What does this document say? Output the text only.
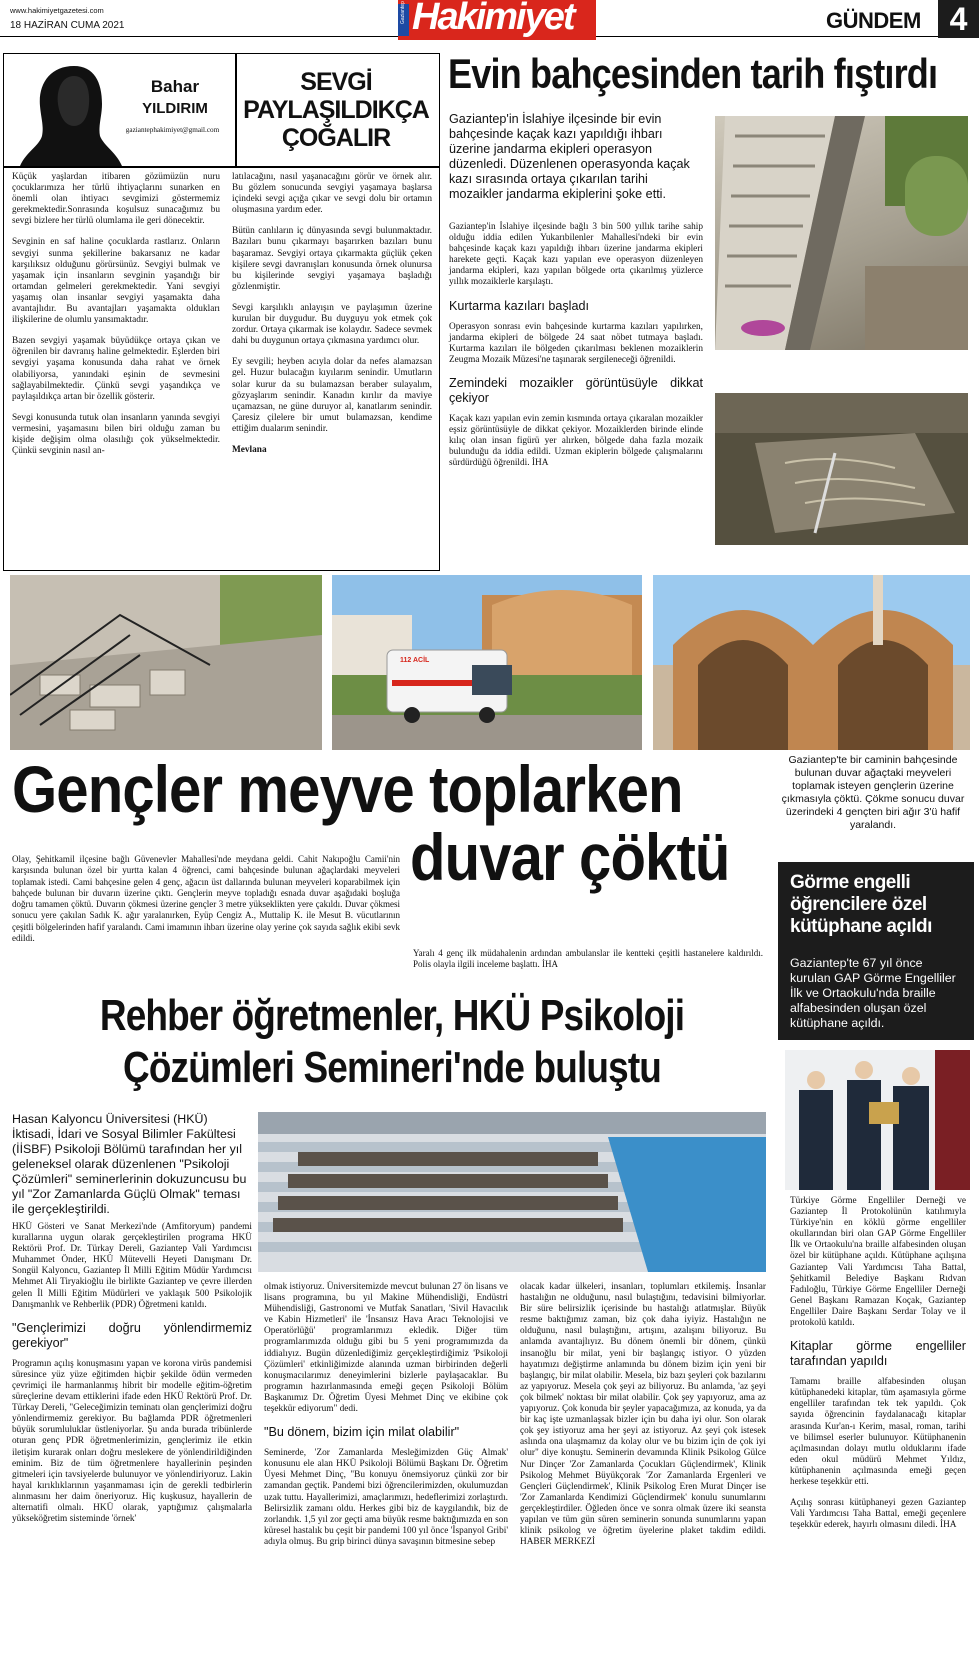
www.hakimiyetgazetesi.com
18 HAZİRAN CUMA 2021
Gaziantep Hakimiyet	GÜNDEM 4
Bahar
YILDIRIM
gaziantephakimiyet@gmail.com
SEVGİ
PAYLAŞILDIKÇA
ÇOĞALIR

Küçük yaşlardan itibaren gözümüzün nuru çocuklarımıza her türlü ihtiyaçlarını sunarken en önemli olan ihtiyacı sevgimizi göstermemiz gerekmektedir.Sonrasında koşulsuz sunacağımız bu sevgi bizlere her türlü olumlama ile geri dönecektir.

Sevginin en saf haline çocuklarda rastlarız. Onların sevgiyi sunma şekillerine bakarsanız ne kadar karşılıksız olduğunu görürsünüz. Sevgiyi bulmak ve yaşamak için insanların sevginin yaşandığı bir ortamdan gelmeleri gerekmektedir. Yani sevgiyi yaşamış olan insanlar sevgiyi yaşamakta daha avantajlıdır. Bu avantajları yaşamakta oldukları ilişkilerine de olumlu yansımaktadır.

Bazen sevgiyi yaşamak büyüdükçe ortaya çıkan ve öğrenilen bir davranış haline gelmektedir. Eşlerden biri sevgiyi yaşama konusunda daha rahat ve örnek olabiliyorsa, yanındaki eşinin de sevmesini sağlayabilmektedir. Çünkü sevgi yaşandıkça ve paylaşıldıkça artan bir özellik gösterir.

Sevgi konusunda tutuk olan insanların yanında sevgiyi vermesini, yaşamasını bilen biri olduğu zaman bu kişide değişim olma olasılığı çok yükselmektedir. Çünkü sevginin nasıl an-

latılacağını, nasıl yaşanacağını görür ve örnek alır. Bu gözlem sonucunda sevgiyi yaşamaya başlarsa içindeki sevgi açığa çıkar ve sevgi dolu bir ortamın oluşmasına yardım eder.

Bütün canlıların iç dünyasında sevgi bulunmaktadır. Bazıları bunu çıkarmayı başarırken bazıları bunu başaramaz. Sevgiyi ortaya çıkarmakta güçlük çeken kişilere sevgi davranışları konusunda örnek olunursa bu kişilerinde sevgiyi yaşamaya başladığı gözlenmiştir.

Sevgi karşılıklı anlayışın ve paylaşımın üzerine kurulan bir duygudur. Bu duyguyu yok etmek çok zordur. Ortaya çıkarmak ise kolaydır. Sadece sevmek dahi bu duygunun ortaya çıkmasına yardımcı olur.

Ey sevgili; heyben acıyla dolar da nefes alamazsan gel. Huzur bulacağın kıyılarım senindir. Umutların solar kurur da su bulamazsan beraber sulayalım, gözyaşlarım senindir. Kanadın kırılır da maviye uçamazsan, ne güne duruyor al, kanatlarım senindir. Çaresiz çilelere bir umut bulamazsan, kendime ettiğim dualarım senindir.

Mevlana

Evin bahçesinden tarih fıştırdı
Gaziantep'in İslahiye ilçesinde bir evin bahçesinde kaçak kazı yapıldığı ihbarı üzerine jandarma ekipleri operasyon düzenledi. Düzenlenen operasyonda kaçak kazı sırasında ortaya çıkarılan tarihi mozaikler jandarma ekiplerini şoke etti.

Gaziantep'in İslahiye ilçesinde bağlı 3 bin 500 yıllık tarihe sahip olduğu iddia edilen Yukarıbilenler Mahallesi'ndeki bir evin bahçesinde kaçak kazı yapıldığı ihbarı üzerine jandarma ekipleri harekete geçti. Kaçak kazı yapılan eve operasyon düzenleyen jandarma ekipleri, kazı yapılan bölgede orta çıkarılmış yüzlerce yıllık mozaiklerle karşılaştı.

Kurtarma kazıları başladı

Operasyon sonrası evin bahçesinde kurtarma kazıları yapılırken, jandarma ekipleri de bölgede 24 saat nöbet tutmaya başladı. Kurtarma kazıları ile bölgeden çıkarılması beklenen mozaiklerin Zeugma Mozaik Müzesi'ne taşınarak sergileneceği öğrenildi.

Zemindeki mozaikler görüntüsüyle dikkat çekiyor

Kaçak kazı yapılan evin zemin kısmında ortaya çıkaralan mozaikler eşsiz görüntüsüyle de dikkat çekiyor. Mozaiklerden birinde elinde kılıç olan insan figürü yer alırken, bölgede daha fazla mozaik bulunduğu da iddia edildi. Uzman ekiplerin bölgede çalışmalarını sürdürdüğü öğrenildi. İHA

112 ACİL
Gençler meyve toplarken
duvar çöktü
Gaziantep'te bir caminin bahçesinde bulunan duvar ağaçtaki meyveleri toplamak isteyen gençlerin üzerine çıkmasıyla çöktü. Çökme sonucu duvar üzerindeki 4 gençten biri ağır 3'ü hafif yaralandı.
Olay, Şehitkamil ilçesine bağlı Güvenevler Mahallesi'nde meydana geldi. Cahit Nakıpoğlu Camii'nin karşısında bulunan özel bir yurtta kalan 4 öğrenci, cami bahçesinde bulunan ağaçlardaki meyveleri toplamak istedi. Cami bahçesine gelen 4 genç, ağacın üst dallarında bulunan meyveleri koparabilmek için bahçede bulunan bir duvarın üzerine çıktı. Gençlerin meyve topladığı esnada duvar aşağıdaki boşluğa doğru tamamen çöktü. Duvarın çökmesi üzerine gençler 3 metre yükseklikten yere çakıldı. Duvar çökmesi sonucu yere çakılan Sadık K. ağır yaralanırken, Eyüp Cengiz A., Muttalip K. ile Mesut B. vücutlarının çeşitli bölgelerinden hafif yaralandı. Cami imamının ihbarı üzerine olay yerine çok sayıda sağlık ekibi sevk edildi.
Yaralı 4 genç ilk müdahalenin ardından ambulanslar ile kentteki çeşitli hastanelere kaldırıldı. Polis olayla ilgili inceleme başlattı. İHA
Rehber öğretmenler, HKÜ Psikoloji
Çözümleri Semineri'nde buluştu
Hasan Kalyoncu Üniversitesi (HKÜ) İktisadi, İdari ve Sosyal Bilimler Fakültesi (İİSBF) Psikoloji Bölümü tarafından her yıl geleneksel olarak düzenlenen "Psikoloji Çözümleri" seminerlerinin dokuzuncusu bu yıl "Zor Zamanlarda Güçlü Olmak" teması ile gerçekleştirildi.

HKÜ Gösteri ve Sanat Merkezi'nde (Amfitoryum) pandemi kurallarına uygun olarak gerçekleştirilen programa HKÜ Rektörü Prof. Dr. Türkay Dereli, Gaziantep Vali Yardımcısı Muhammet Önder, HKÜ Mütevelli Heyeti Danışmanı Dr. Songül Kalyoncu, Gaziantep İl Milli Eğitim Müdür Yardımcısı Mehmet Ali Tiryakioğlu ile birlikte Gaziantep ve çevre illerden gelen İl Milli Eğitim Müdürleri ve yaklaşık 500 Psikolojik Danışmanlık ve Rehberlik (PDR) Öğretmeni katıldı.

"Gençlerimizi doğru yönlendirmemiz gerekiyor"

Programın açılış konuşmasını yapan ve korona virüs pandemisi süresince yüz yüze eğitimden hiçbir şekilde ödün vermeden çevrimiçi ile harmanlanmış hibrit bir modelle eğitim-öğretim süreçlerine devam ettiklerini ifade eden HKÜ Rektörü Prof. Dr. Türkay Dereli, "Geleceğimizin teminatı olan gençlerimizi doğru yönlendirmemiz gerekiyor. Bu bağlamda PDR öğretmenleri büyük sorumluluklar üstleniyorlar. Şu anda burada tribünlerde oturan genç PDR öğretmenlerimizin, gençlerimiz ile etkin iletişim kurarak onları doğru meslekere de yönlendirildiğinden eminim. Biz de tüm öğretmenlere hayallerinin peşinden gitmeleri için tavsiyelerde bulunuyor ve yönlendiriyoruz. Lakin hayal kırıklıklarının yaşanmaması için de gerekli tedbirlerin alınmasını her daim öneriyoruz. Hiç kuşkusuz, hayallerin de alternatifi olmalı. HKÜ olarak, yaptığımız çalışmalarla yükseköğretim sisteminde 'örnek'

olmak istiyoruz. Üniversitemizde mevcut bulunan 27 ön lisans ve lisans programına, bu yıl Makine Mühendisliği, Endüstri Mühendisliği, Gastronomi ve Mutfak Sanatları, 'Sivil Havacılık ve Kabin Hizmetleri' ile 'İnsansız Hava Aracı Teknolojisi ve Operatörlüğü' programlarımızı ekledik. Diğer tüm programlarımızda olduğu gibi bu 5 yeni programımızda da iddialıyız. Bugün düzenlediğimiz gerçekleştirdiğimiz 'Psikoloji Çözümleri' etkinliğimizde alanında uzman birbirinden değerli konuşmacılarımız deneyimlerini bizlerle paylaşacaklar. Bu programın hazırlanmasında emeği geçen Psikoloji Bölüm Başkanımız Dr. Öğretim Üyesi Mehmet Dinç ve ekibine çok teşekkür ediyorum" dedi.

"Bu dönem, bizim için milat olabilir"

Seminerde, 'Zor Zamanlarda Mesleğimizden Güç Almak' konusunu ele alan HKÜ Psikoloji Bölümü Başkanı Dr. Öğretim Üyesi Mehmet Dinç, "Bu konuyu önemsiyoruz çünkü zor bir zamandan geçtik. Pandemi bizi öğrencilerimizden, okulumuzdan uzak tuttu. Hayallerimizi, amaçlarımızı, hedeflerimizi zorlaştırdı. Belirsizlik zamanı oldu. Herkes gibi biz de kaygılandık, biz de zorlandık. 1,5 yıl zor geçti ama büyük resme baktığımızda en son küresel hastalık bu çeşit bir pandemi 100 yıl önce 'İspanyol Gribi' adıyla olmuş. Bu grip birinci dünya savaşının bitmesine sebep

olacak kadar ülkeleri, insanları, toplumları etkilemiş. İnsanlar hastalığın ne olduğunu, nasıl bulaştığını, tedavisini bilmiyorlar. Bir süre belirsizlik içerisinde bu hastalığı atlatmışlar. Büyük resme baktığımız zaman, biz çok daha iyiyiz. Hastalığın ne olduğunu, nasıl bulaştığını, artışını, azalışını biliyoruz. Bu anlamda avantajlıyız. Bu dönem önemli bir dönem, çünkü insanoğlu bir milat, yeni bir başlangıç istiyor. O yüzden hayatımızı değiştirme anlamında bu dönem bizim için yeni bir başlangıç, bir milat olabilir. Mesela, biz bazı şeyleri çok bazılarını az yapıyoruz. Mesela çok şeyi az biliyoruz. Bu anlamda, 'az şeyi çok bilmek' noktası bir milat olabilir. Çok şey yapıyoruz, ama az yapıyoruz. Çok konuda bir şeyler yapacağımıza, az konuda, ya da bir kaç işte uzmanlaşsak bizler için bu daha iyi olur. Son olarak çok şey istiyoruz ama her şeyi az istiyoruz. Az şeyi çok istesek aslında ona ulaşmamız da kolay olur ve bu bizim için de çok iyi olur" diye konuştu. Seminerin devamında Klinik Psikolog Gülce Nur Dinçer 'Zor Zamanlarda Çocukları Güçlendirmek', Klinik Psikolog Mehmet Büyükçorak 'Zor Zamanlarda Ergenleri ve Gençleri Güçlendirmek', Klinik Psikolog Eren Murat Dinçer ise 'Zor Zamanlarda Kendimizi Güçlendirmek' konulu sunumlarını gerçekleştirdiler. Öğleden önce ve sonra olmak üzere iki seansta yapılan ve tüm gün süren seminerin sonunda sunumlarını yapan klinik psikolog ve öğretim üyelerine plaket takdim edildi. HABER MERKEZİ
Görme engelli öğrencilere özel kütüphane açıldı
Gaziantep'te 67 yıl önce kurulan GAP Görme Engelliler İlk ve Ortaokulu'nda braille alfabesinden oluşan özel kütüphane açıldı.

Türkiye Görme Engelliler Derneği ve Gaziantep İl Protokolünün katılımıyla Türkiye'nin en köklü görme engelliler okullarından biri olan GAP Görme Engelliler İlk ve Ortaokulu'na braille alfabesinden oluşan özel bir kütüphane açıldı. Kütüphane açılışına Gaziantep Vali Yardımcısı Taha Battal, Şehitkamil Belediye Başkanı Rıdvan Fadıloğlu, Türkiye Görme Engelliler Derneği Genel Başkanı Ramazan Koçak, Gaziantep Engelliler Daire Başkanı Serdar Tolay ve il protokolü katıldı.

Kitaplar görme engelliler tarafından yapıldı

Tamamı braille alfabesinden oluşan kütüphanedeki kitaplar, tüm aşamasıyla görme engelliler tarafından tek tek yapıldı. Çok sayıda öğrencinin faydalanacağı kitaplar arasında Kur'an-ı Kerim, masal, roman, tarihi ve bilimsel eserler bulunuyor. Kütüphanenin açılmasından dolayı mutlu olduklarını ifade eden okul müdürü Mehmet Yıldız, kütüphanenin açılmasında emeği geçen herkese teşekkür etti.

Açılış sonrası kütüphaneyi gezen Gaziantep Vali Yardımcısı Taha Battal, emeği geçenlere teşekkür ederek, hayırlı olmasını diledi. İHA
